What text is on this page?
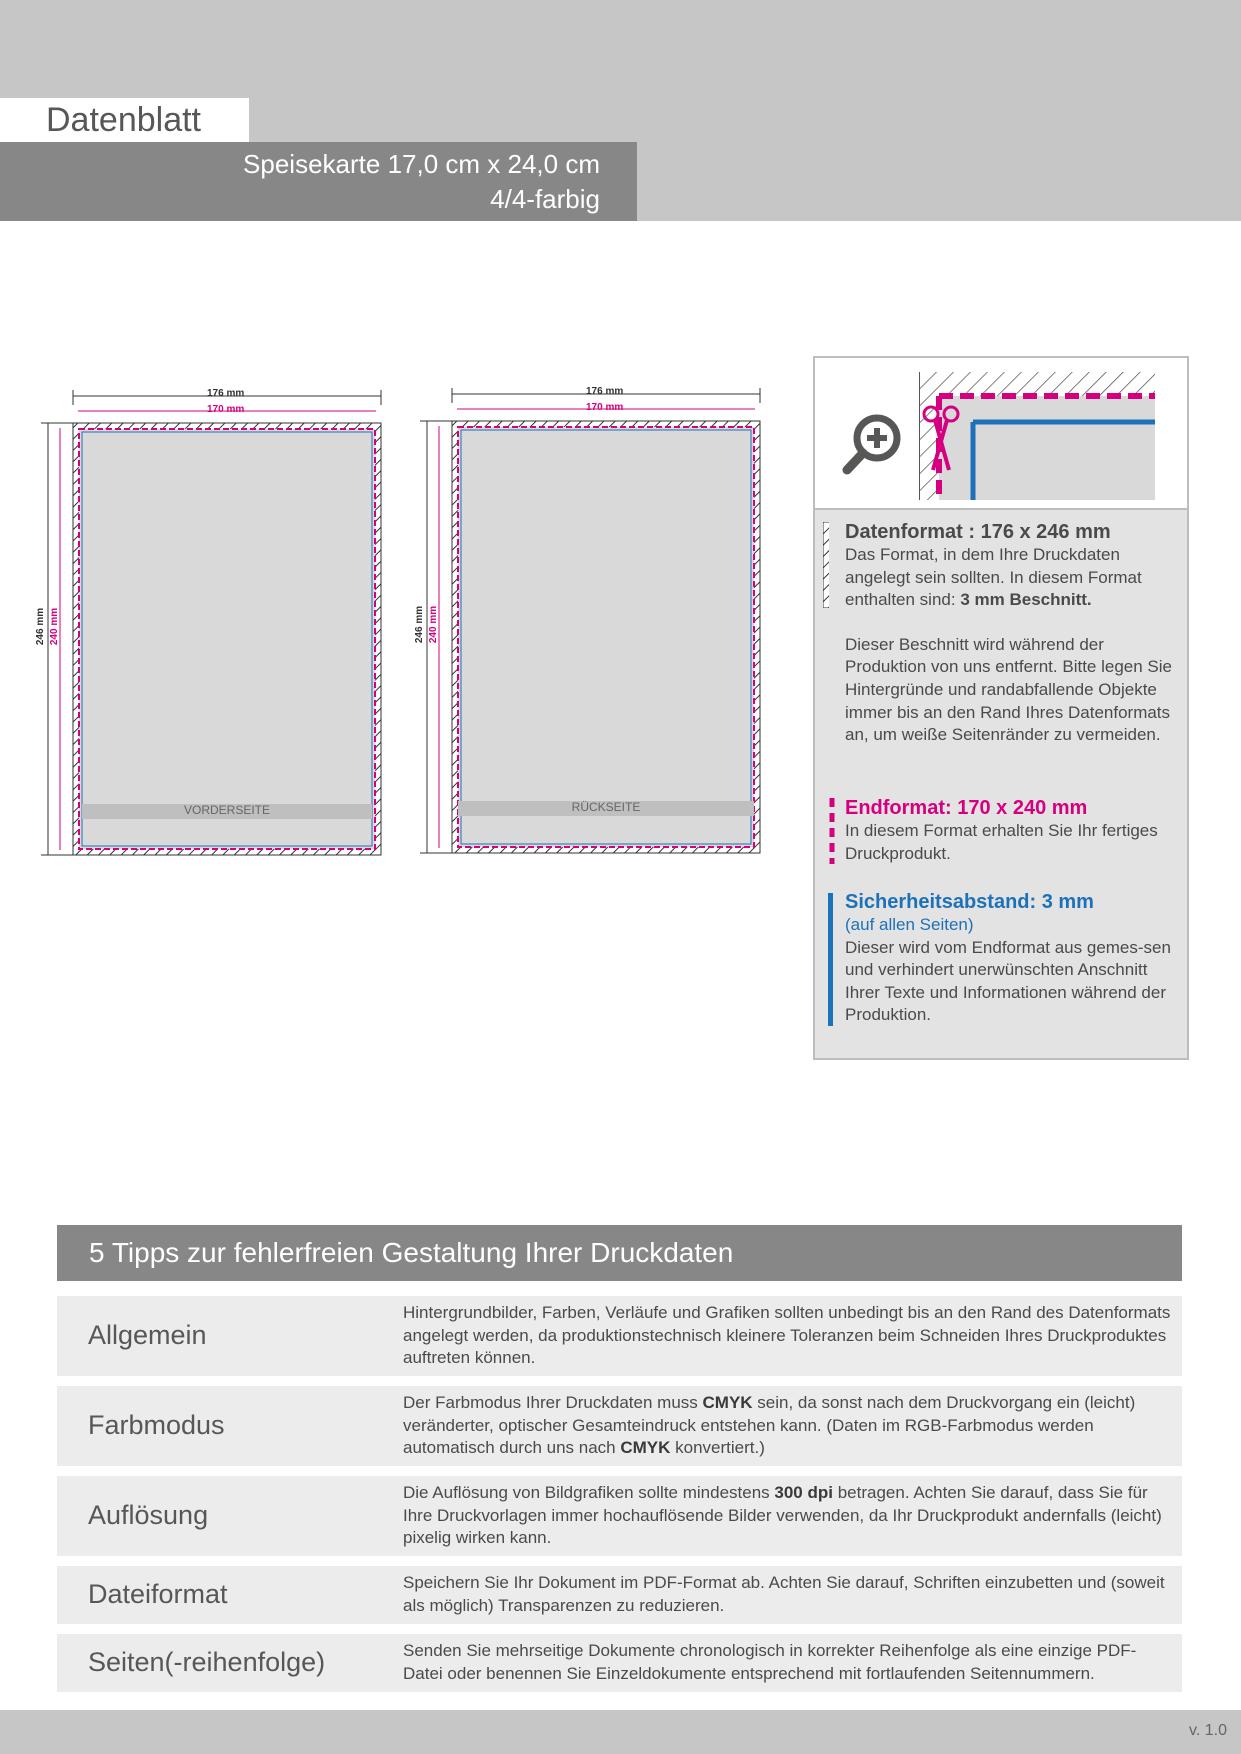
Datenblatt
Speisekarte 17,0 cm x 24,0 cm
4/4-farbig
176 mm
170 mm
246 mm 240 mm
VORDERSEITE
176 mm
170 mm
246 mm 240 mm
RÜCKSEITE
Datenformat : 176 x 246 mm
Das Format, in dem Ihre Druckdaten angelegt sein sollten. In diesem Format enthalten sind: 3 mm Beschnitt.
Dieser Beschnitt wird während der Produktion von uns entfernt. Bitte legen Sie Hintergründe und randabfallende Objekte immer bis an den Rand Ihres Datenformats an, um weiße Seitenränder zu vermeiden.
Endformat: 170 x 240 mm
In diesem Format erhalten Sie Ihr fertiges Druckprodukt.
Sicherheitsabstand: 3 mm
(auf allen Seiten)
Dieser wird vom Endformat aus gemes-sen und verhindert unerwünschten Anschnitt Ihrer Texte und Informationen während der Produktion.
5 Tipps zur fehlerfreien Gestaltung Ihrer Druckdaten
Allgemein
Hintergrundbilder, Farben, Verläufe und Grafiken sollten unbedingt bis an den Rand des Datenformats angelegt werden, da produktionstechnisch kleinere Toleranzen beim Schneiden Ihres Druckproduktes auftreten können.
Farbmodus
Der Farbmodus Ihrer Druckdaten muss CMYK sein, da sonst nach dem Druckvorgang ein (leicht) veränderter, optischer Gesamteindruck entstehen kann. (Daten im RGB-Farbmodus werden automatisch durch uns nach CMYK konvertiert.)
Auflösung
Die Auflösung von Bildgrafiken sollte mindestens 300 dpi betragen. Achten Sie darauf, dass Sie für Ihre Druckvorlagen immer hochauflösende Bilder verwenden, da Ihr Druckprodukt andernfalls (leicht) pixelig wirken kann.
Dateiformat	Speichern Sie Ihr Dokument im PDF-Format ab. Achten Sie darauf, Schriften einzubetten und (soweit als möglich) Transparenzen zu reduzieren.
Seiten(-reihenfolge)	Senden Sie mehrseitige Dokumente chronologisch in korrekter Reihenfolge als eine einzige PDF-Datei oder benennen Sie Einzeldokumente entsprechend mit fortlaufenden Seitennummern.
v. 1.0
